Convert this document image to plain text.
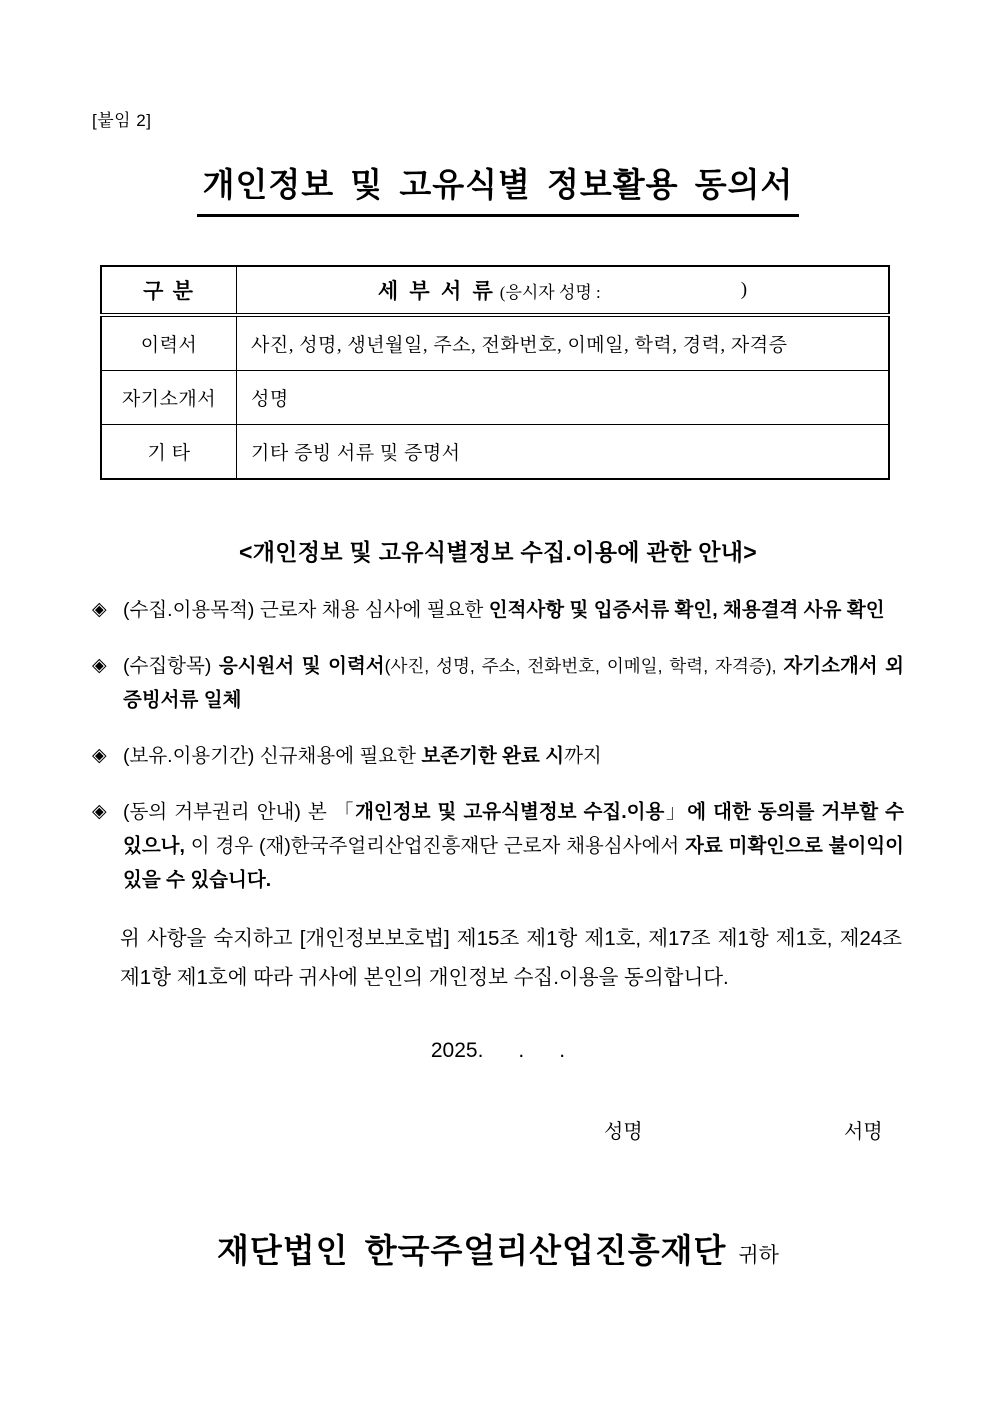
[붙임 2]
개인정보 및 고유식별 정보활용 동의서
구 분	세 부 서 류 (응시자 성명 : )

이력서	사진, 성명, 생년월일, 주소, 전화번호, 이메일, 학력, 경력, 자격증
자기소개서	성명
기 타	기타 증빙 서류 및 증명서
<개인정보 및 고유식별정보 수집.이용에 관한 안내>
◈ (수집.이용목적) 근로자 채용 심사에 필요한 인적사항 및 입증서류 확인, 채용결격 사유 확인
◈ (수집항목) 응시원서 및 이력서(사진, 성명, 주소, 전화번호, 이메일, 학력, 자격증), 자기소개서 외 증빙서류 일체
◈ (보유.이용기간) 신규채용에 필요한 보존기한 완료 시까지
◈ (동의 거부권리 안내) 본 「개인정보 및 고유식별정보 수집.이용」에 대한 동의를 거부할 수 있으나, 이 경우 (재)한국주얼리산업진흥재단 근로자 채용심사에서 자료 미확인으로 불이익이 있을 수 있습니다.
위 사항을 숙지하고 [개인정보보호법] 제15조 제1항 제1호, 제17조 제1항 제1호, 제24조 제1항 제1호에 따라 귀사에 본인의 개인정보 수집.이용을 동의합니다.
2025.      .      .
성명	서명
재단법인 한국주얼리산업진흥재단 귀하
